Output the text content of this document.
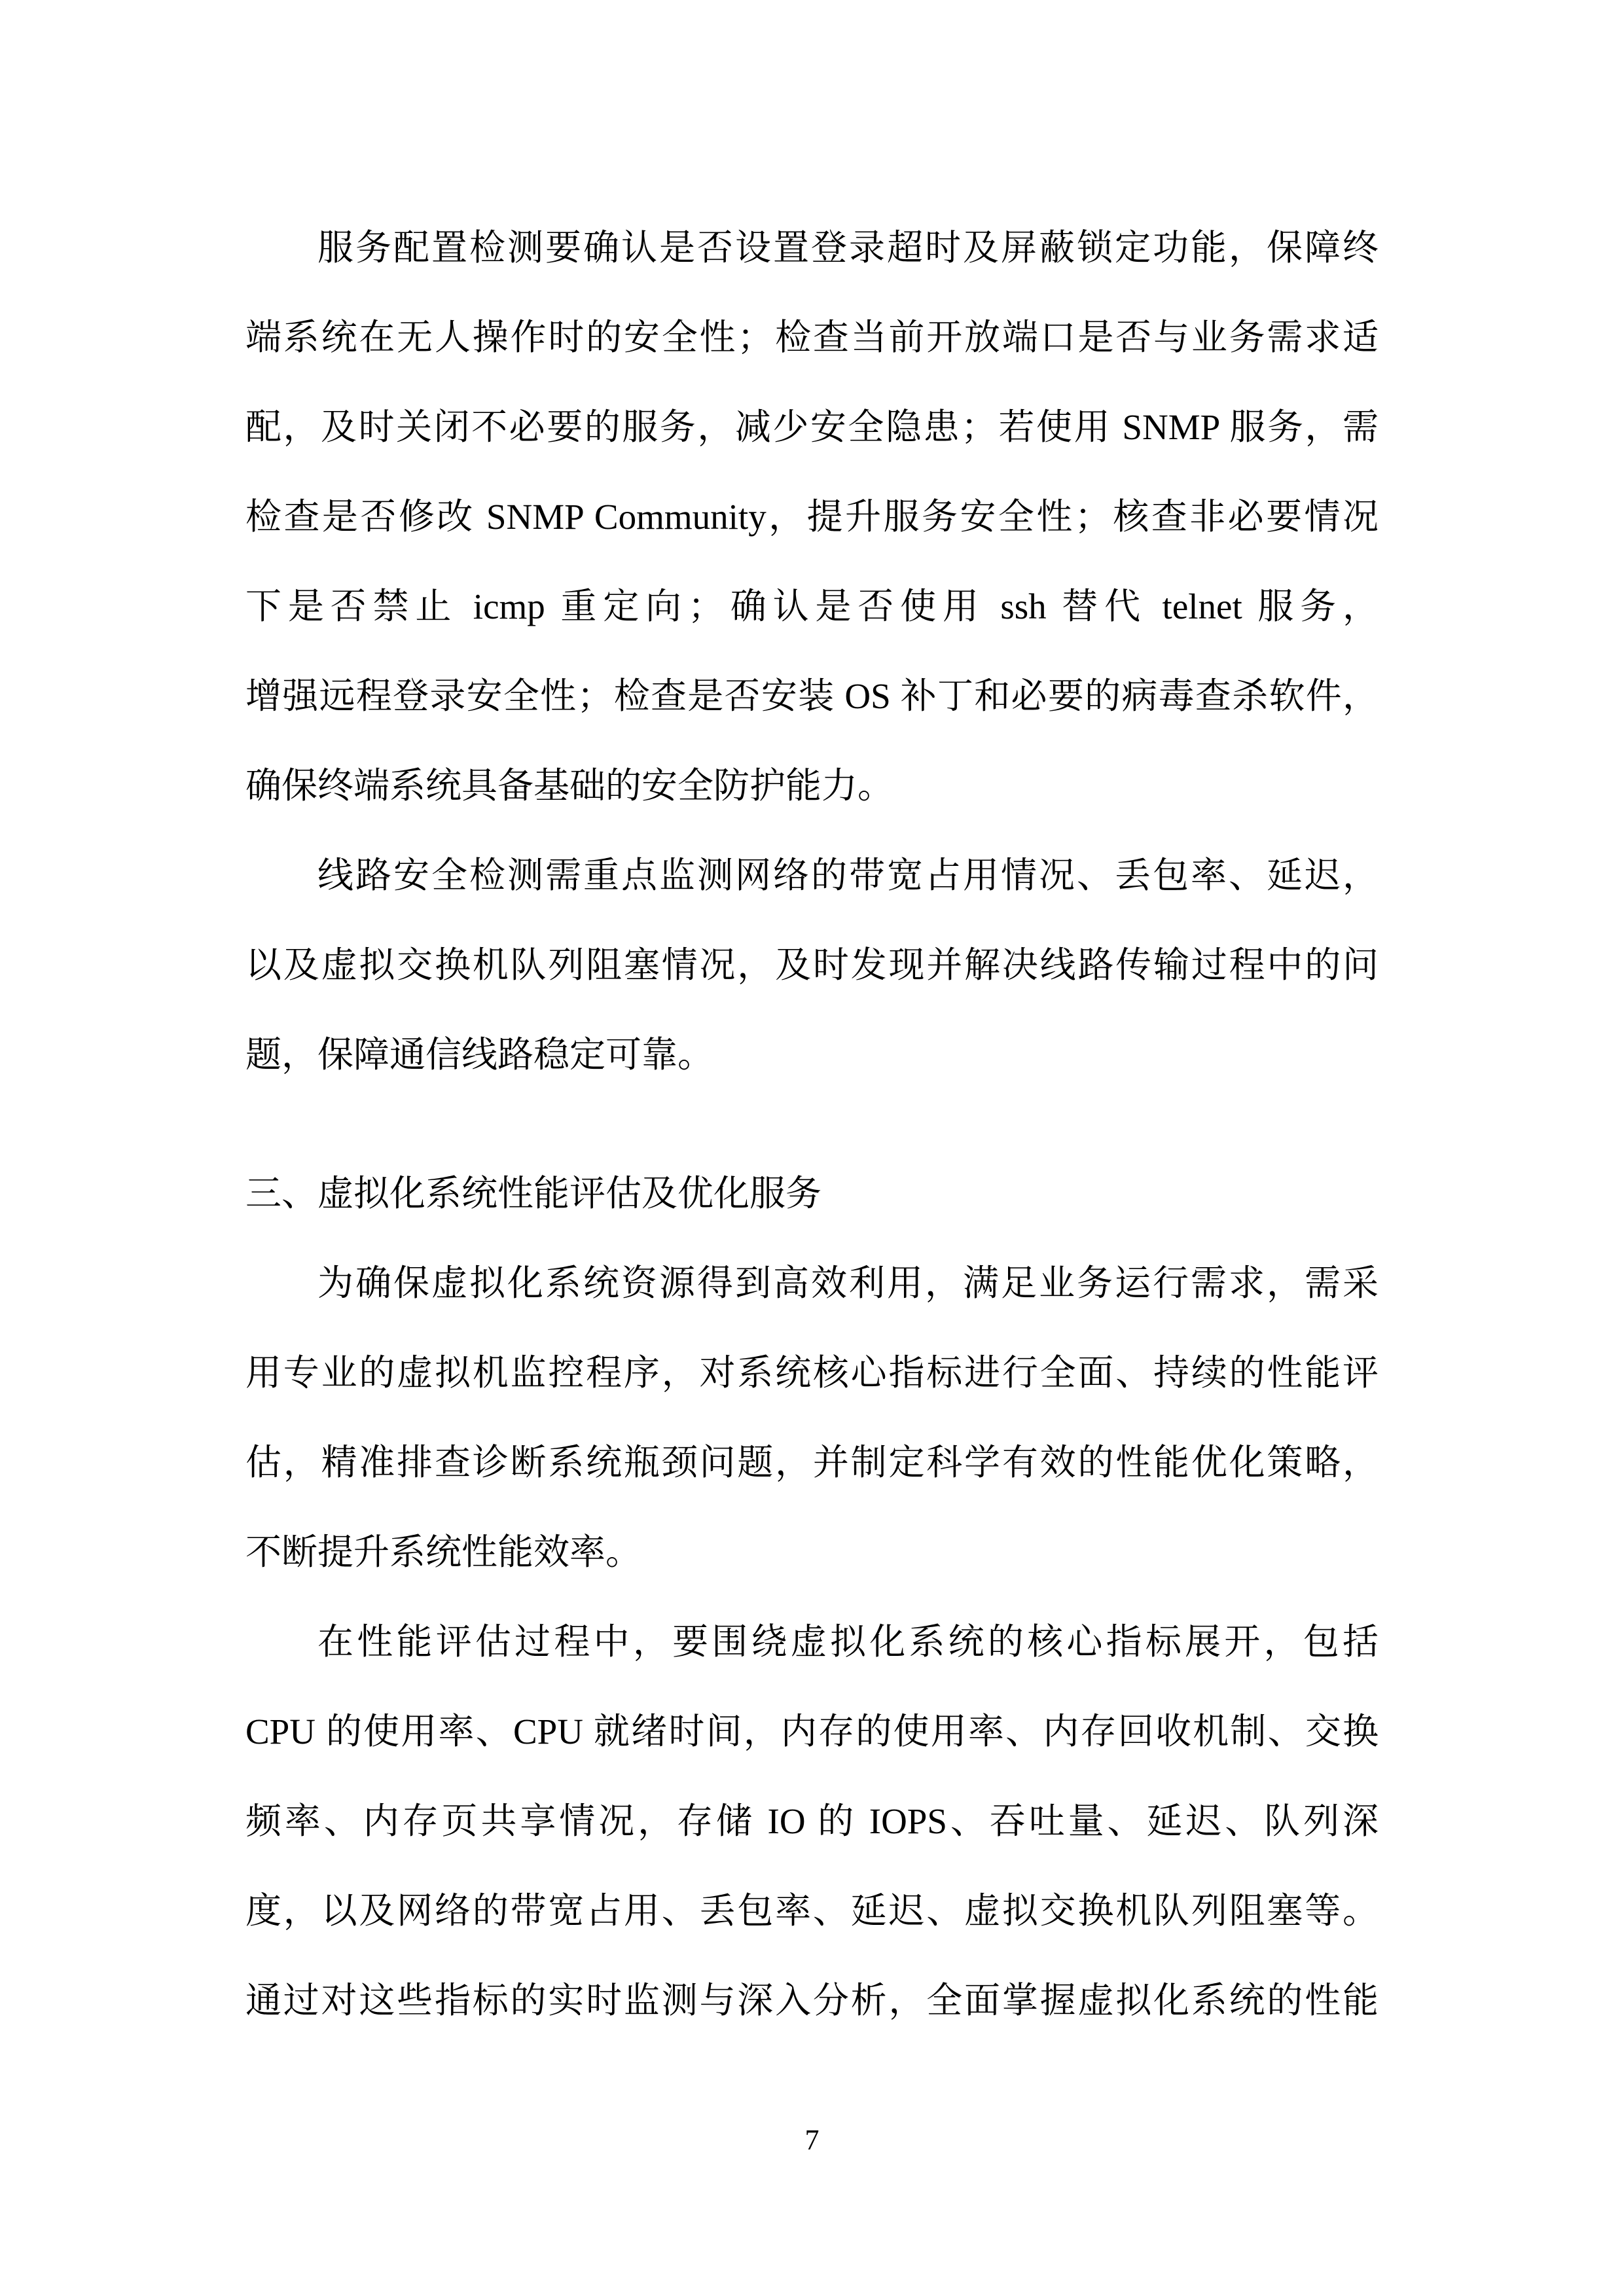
服务配置检测要确认是否设置登录超时及屏蔽锁定功能，保障终
端系统在无人操作时的安全性；检查当前开放端口是否与业务需求适
配，及时关闭不必要的服务，减少安全隐患；若使用 SNMP 服务，需
检查是否修改 SNMP Community，提升服务安全性；核查非必要情况
下是否禁止 icmp 重定向；确认是否使用 ssh 替代 telnet 服务，
增强远程登录安全性；检查是否安装 OS 补丁和必要的病毒查杀软件，
确保终端系统具备基础的安全防护能力。
线路安全检测需重点监测网络的带宽占用情况、丢包率、延迟，
以及虚拟交换机队列阻塞情况，及时发现并解决线路传输过程中的问
题，保障通信线路稳定可靠。
三、虚拟化系统性能评估及优化服务
为确保虚拟化系统资源得到高效利用，满足业务运行需求，需采
用专业的虚拟机监控程序，对系统核心指标进行全面、持续的性能评
估，精准排查诊断系统瓶颈问题，并制定科学有效的性能优化策略，
不断提升系统性能效率。
在性能评估过程中，要围绕虚拟化系统的核心指标展开，包括
CPU 的使用率、CPU 就绪时间，内存的使用率、内存回收机制、交换
频率、内存页共享情况，存储 IO 的 IOPS、吞吐量、延迟、队列深
度，以及网络的带宽占用、丢包率、延迟、虚拟交换机队列阻塞等。
通过对这些指标的实时监测与深入分析，全面掌握虚拟化系统的性能
7
